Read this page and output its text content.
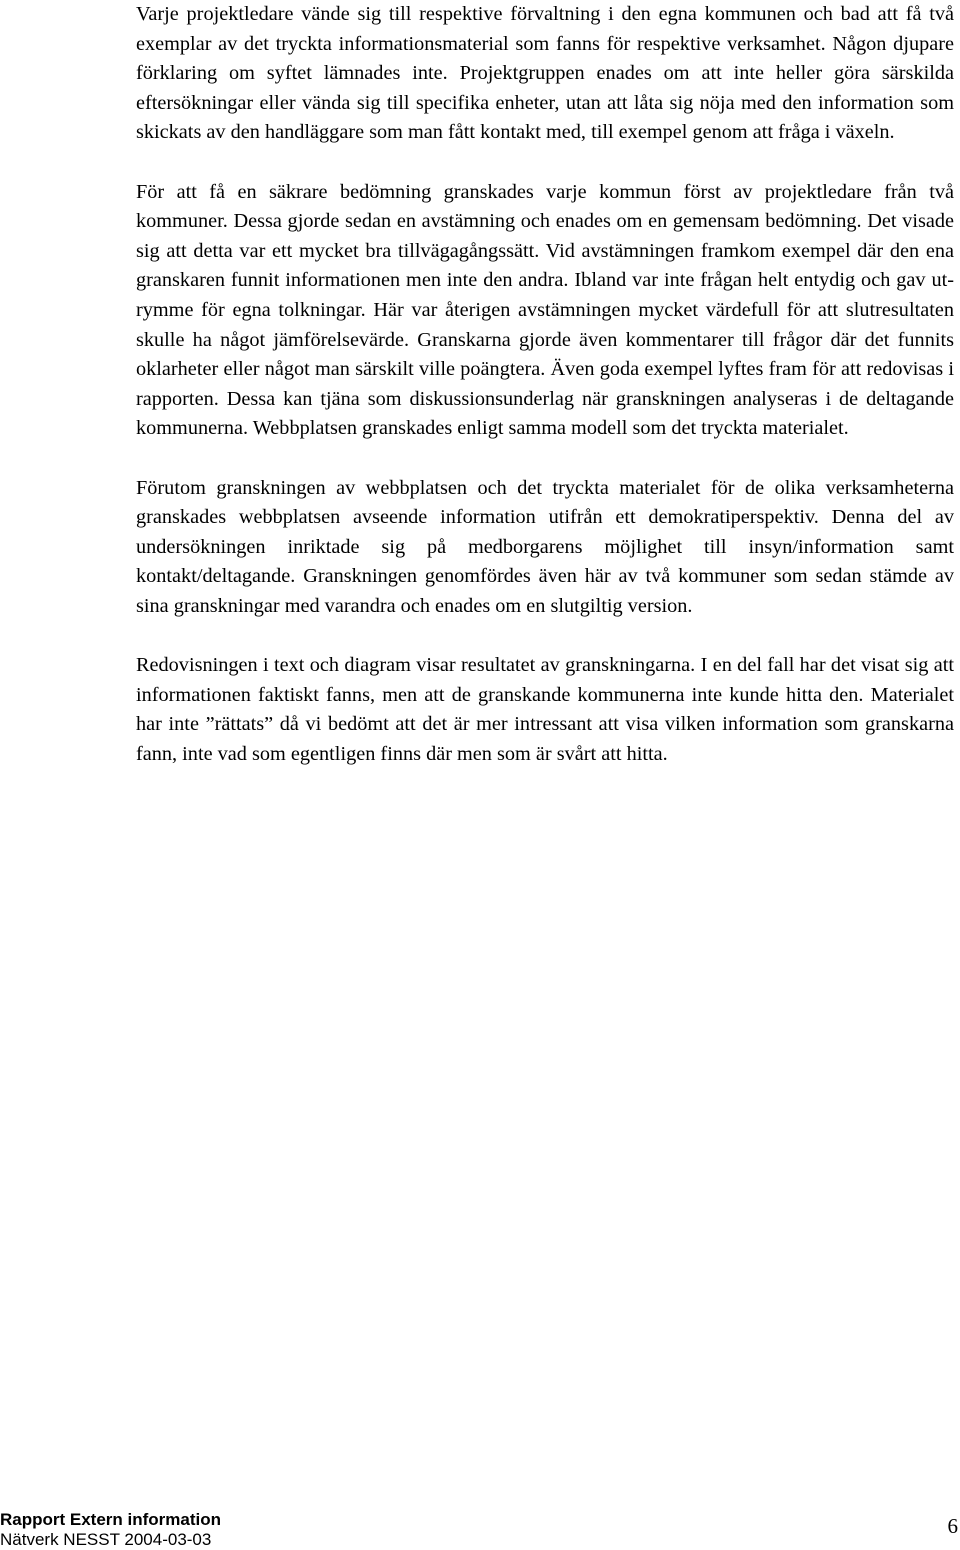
Varje projektledare vände sig till respektive förvaltning i den egna kommunen och bad att få två exemplar av det tryckta informationsmaterial som fanns för respektive verksamhet. Någon djupare förklaring om syftet lämnades inte. Projektgruppen enades om att inte heller göra särskilda eftersökningar eller vända sig till specifika enheter, utan att låta sig nöja med den information som skickats av den handläggare som man fått kontakt med, till exempel genom att fråga i växeln.

För att få en säkrare bedömning granskades varje kommun först av projektledare från två kommuner. Dessa gjorde sedan en avstämning och enades om en gemensam bedömning. Det visade sig att detta var ett mycket bra tillvägagångssätt. Vid avstämningen framkom exempel där den ena granskaren funnit informationen men inte den andra. Ibland var inte frågan helt entydig och gav utrymme för egna tolkningar. Här var återigen avstämningen mycket värdefull för att slutresultaten skulle ha något jämförelsevärde. Granskarna gjorde även kommentarer till frågor där det funnits oklarheter eller något man särskilt ville poängtera. Även goda exempel lyftes fram för att redovisas i rapporten. Dessa kan tjäna som diskussionsunderlag när granskningen analyseras i de deltagande kommunerna. Webbplatsen granskades enligt samma modell som det tryckta materialet.

Förutom granskningen av webbplatsen och det tryckta materialet för de olika verksamheterna granskades webbplatsen avseende information utifrån ett demokratiperspektiv. Denna del av undersökningen inriktade sig på medborgarens möjlighet till insyn/information samt kontakt/deltagande. Granskningen genomfördes även här av två kommuner som sedan stämde av sina granskningar med varandra och enades om en slutgiltig version.

Redovisningen i text och diagram visar resultatet av granskningarna. I en del fall har det visat sig att informationen faktiskt fanns, men att de granskande kommunerna inte kunde hitta den. Materialet har inte ”rättats” då vi bedömt att det är mer intressant att visa vilken information som granskarna fann, inte vad som egentligen finns där men som är svårt att hitta.

Rapport Extern information
Nätverk NESST 2004-03-03
6
